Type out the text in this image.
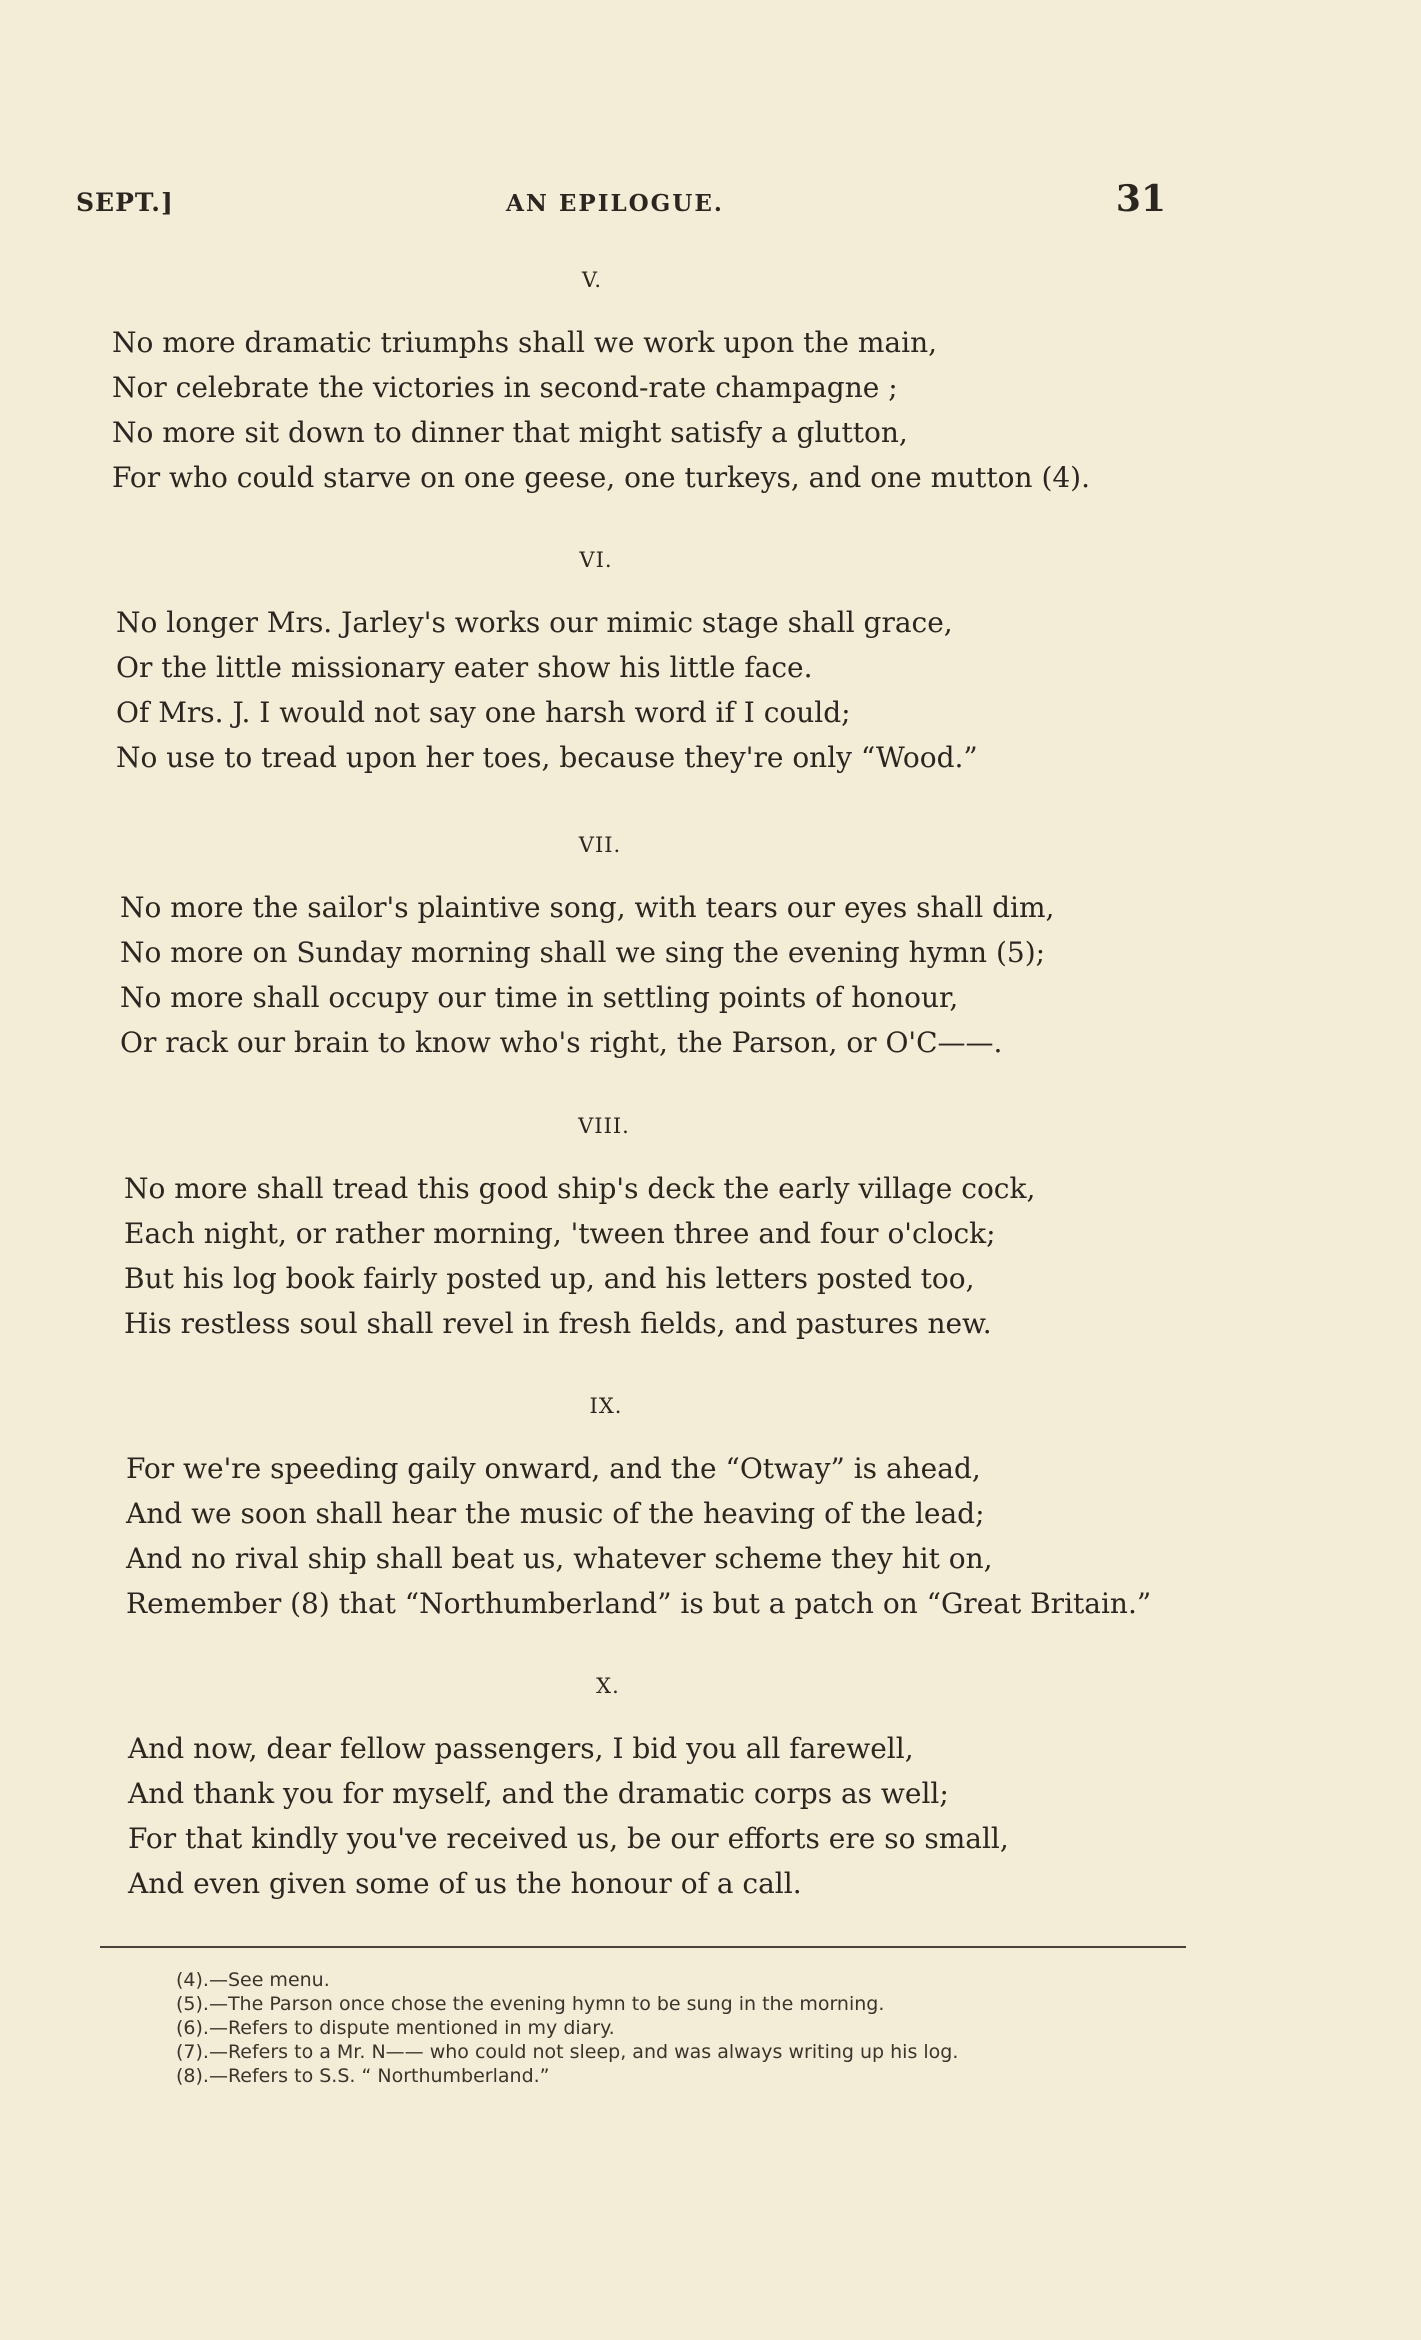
SEPT.]	AN EPILOGUE.	31
V.
No more dramatic triumphs shall we work upon the main,
Nor celebrate the victories in second-rate champagne ;
No more sit down to dinner that might satisfy a glutton,
For who could starve on one geese, one turkeys, and one mutton (4).
VI.
No longer Mrs. Jarley's works our mimic stage shall grace,
Or the little missionary eater show his little face.
Of Mrs. J. I would not say one harsh word if I could;
No use to tread upon her toes, because they're only “Wood.”
VII.
No more the sailor's plaintive song, with tears our eyes shall dim,
No more on Sunday morning shall we sing the evening hymn (5);
No more shall occupy our time in settling points of honour,
Or rack our brain to know who's right, the Parson, or O'C——.
VIII.
No more shall tread this good ship's deck the early village cock,
Each night, or rather morning, 'tween three and four o'clock;
But his log book fairly posted up, and his letters posted too,
His restless soul shall revel in fresh fields, and pastures new.
IX.
For we're speeding gaily onward, and the “Otway” is ahead,
And we soon shall hear the music of the heaving of the lead;
And no rival ship shall beat us, whatever scheme they hit on,
Remember (8) that “Northumberland” is but a patch on “Great Britain.”
X.
And now, dear fellow passengers, I bid you all farewell,
And thank you for myself, and the dramatic corps as well;
For that kindly you've received us, be our efforts ere so small,
And even given some of us the honour of a call.
(4).—See menu.
(5).—The Parson once chose the evening hymn to be sung in the morning.
(6).—Refers to dispute mentioned in my diary.
(7).—Refers to a Mr. N—— who could not sleep, and was always writing up his log.
(8).—Refers to S.S. “ Northumberland.”
